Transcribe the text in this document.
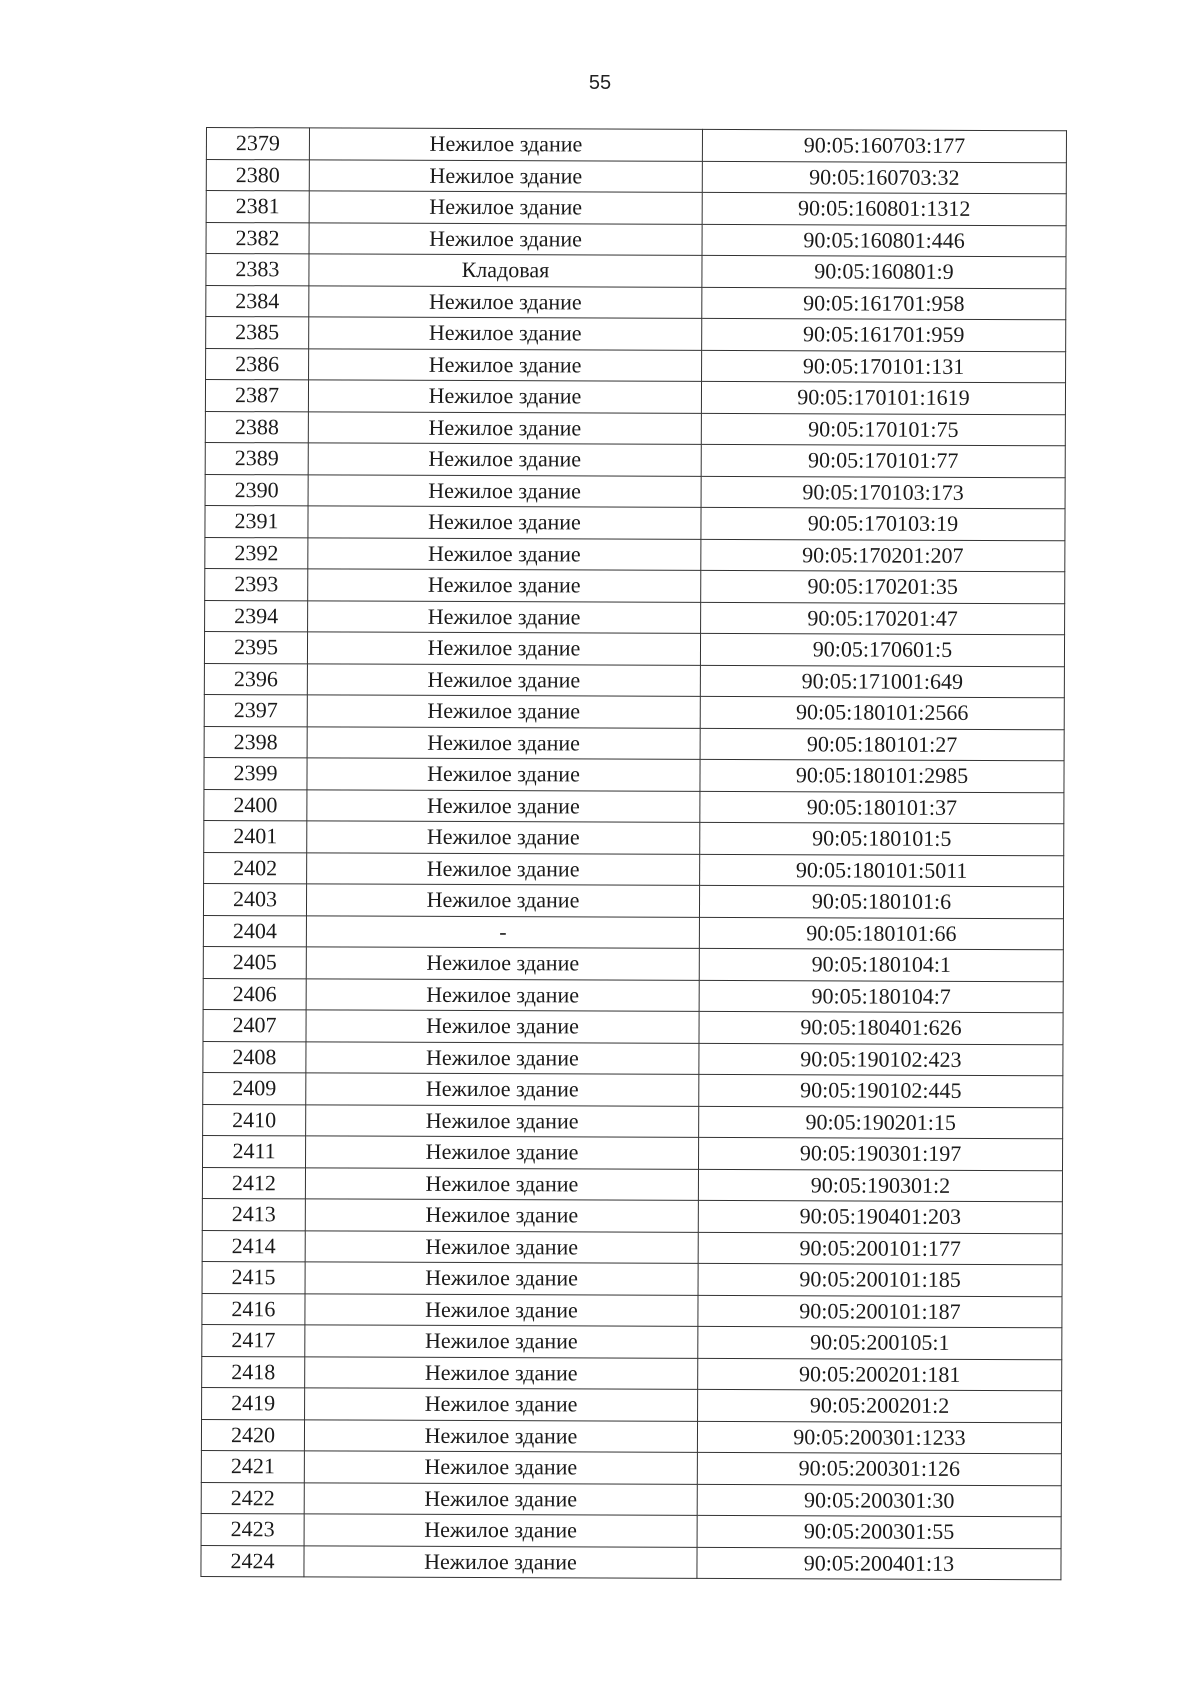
55
2379	Нежилое здание	90:05:160703:177
2380	Нежилое здание	90:05:160703:32
2381	Нежилое здание	90:05:160801:1312
2382	Нежилое здание	90:05:160801:446
2383	Кладовая	90:05:160801:9
2384	Нежилое здание	90:05:161701:958
2385	Нежилое здание	90:05:161701:959
2386	Нежилое здание	90:05:170101:131
2387	Нежилое здание	90:05:170101:1619
2388	Нежилое здание	90:05:170101:75
2389	Нежилое здание	90:05:170101:77
2390	Нежилое здание	90:05:170103:173
2391	Нежилое здание	90:05:170103:19
2392	Нежилое здание	90:05:170201:207
2393	Нежилое здание	90:05:170201:35
2394	Нежилое здание	90:05:170201:47
2395	Нежилое здание	90:05:170601:5
2396	Нежилое здание	90:05:171001:649
2397	Нежилое здание	90:05:180101:2566
2398	Нежилое здание	90:05:180101:27
2399	Нежилое здание	90:05:180101:2985
2400	Нежилое здание	90:05:180101:37
2401	Нежилое здание	90:05:180101:5
2402	Нежилое здание	90:05:180101:5011
2403	Нежилое здание	90:05:180101:6
2404	-	90:05:180101:66
2405	Нежилое здание	90:05:180104:1
2406	Нежилое здание	90:05:180104:7
2407	Нежилое здание	90:05:180401:626
2408	Нежилое здание	90:05:190102:423
2409	Нежилое здание	90:05:190102:445
2410	Нежилое здание	90:05:190201:15
2411	Нежилое здание	90:05:190301:197
2412	Нежилое здание	90:05:190301:2
2413	Нежилое здание	90:05:190401:203
2414	Нежилое здание	90:05:200101:177
2415	Нежилое здание	90:05:200101:185
2416	Нежилое здание	90:05:200101:187
2417	Нежилое здание	90:05:200105:1
2418	Нежилое здание	90:05:200201:181
2419	Нежилое здание	90:05:200201:2
2420	Нежилое здание	90:05:200301:1233
2421	Нежилое здание	90:05:200301:126
2422	Нежилое здание	90:05:200301:30
2423	Нежилое здание	90:05:200301:55
2424	Нежилое здание	90:05:200401:13
